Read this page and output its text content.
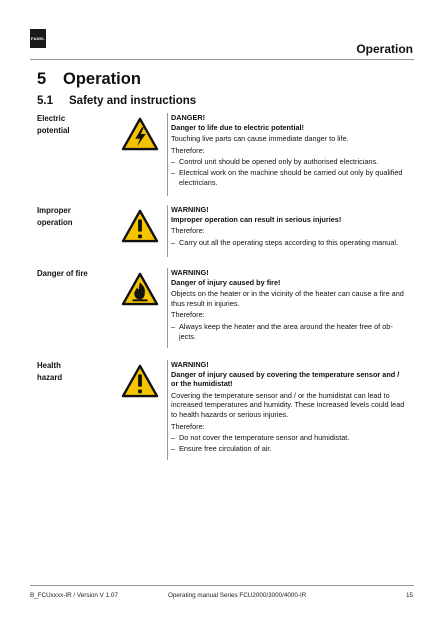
FASEL
Operation
5 Operation
5.1 Safety and instructions
Electric
potential
DANGER!
Danger to life due to electric potential!
Touching live parts can cause immediate danger to life.
Therefore:
– Control unit should be opened only by authorised electricians.
– Electrical work on the machine should be carried out only by qualified electricians.
Improper
operation
WARNING!
Improper operation can result in serious injuries!
Therefore:
– Carry out all the operating steps according to this operating manual.
Danger of fire	WARNING!
Danger of injury caused by fire!
Objects on the heater or in the vicinity of the heater can cause a fire and thus result in injuries.
Therefore:
– Always keep the heater and the area around the heater free of ob-jects.
Health
hazard
WARNING!
Danger of injury caused by covering the temperature sensor and / or the humidistat!
Covering the temperature sensor and / or the humidistat can lead to increased temperatures and humidity. These increased levels could lead to health hazards or serious injuries.
Therefore:
– Do not cover the temperature sensor and humidistat.
– Ensure free circulation of air.
B_FCUxxxx-IR / Version V 1.07	Operating manual Series FCU2000/3000/4000-IR	15
